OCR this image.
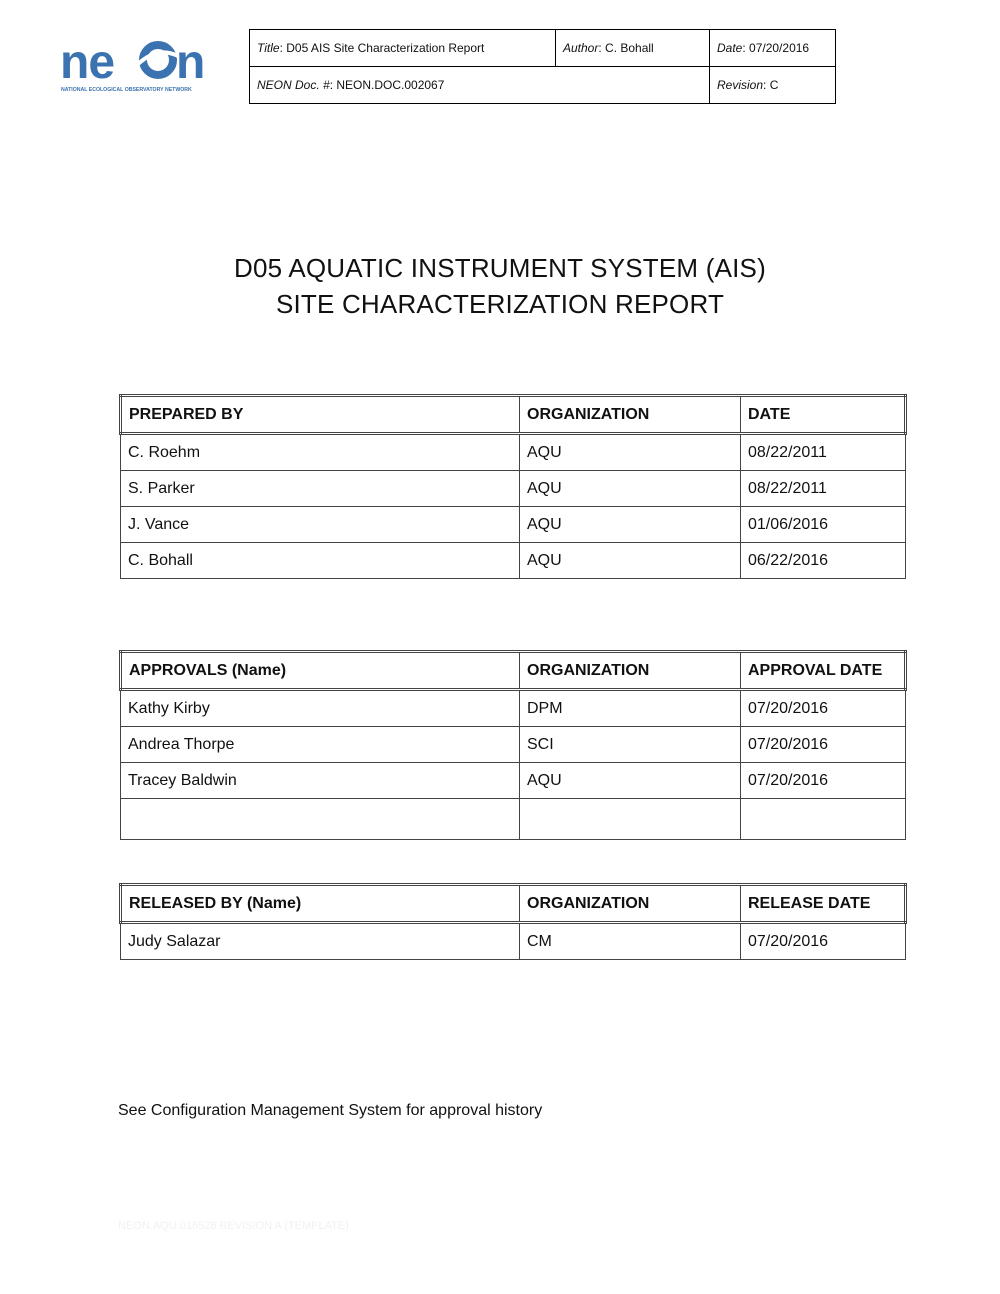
ne n
NATIONAL ECOLOGICAL OBSERVATORY NETWORK
Title: D05 AIS Site Characterization Report	Author: C. Bohall	Date: 07/20/2016
NEON Doc. #: NEON.DOC.002067		Revision: C
D05 AQUATIC INSTRUMENT SYSTEM (AIS)
SITE CHARACTERIZATION REPORT
PREPARED BY	ORGANIZATION	DATE
C. Roehm	AQU	08/22/2011
S. Parker	AQU	08/22/2011
J. Vance	AQU	01/06/2016
C. Bohall	AQU	06/22/2016
APPROVALS (Name)	ORGANIZATION	APPROVAL DATE
Kathy Kirby	DPM	07/20/2016
Andrea Thorpe	SCI	07/20/2016
Tracey Baldwin	AQU	07/20/2016

RELEASED BY (Name)	ORGANIZATION	RELEASE DATE
Judy Salazar	CM	07/20/2016
See Configuration Management System for approval history
NEON.AQU.016526 REVISION A (TEMPLATE)
